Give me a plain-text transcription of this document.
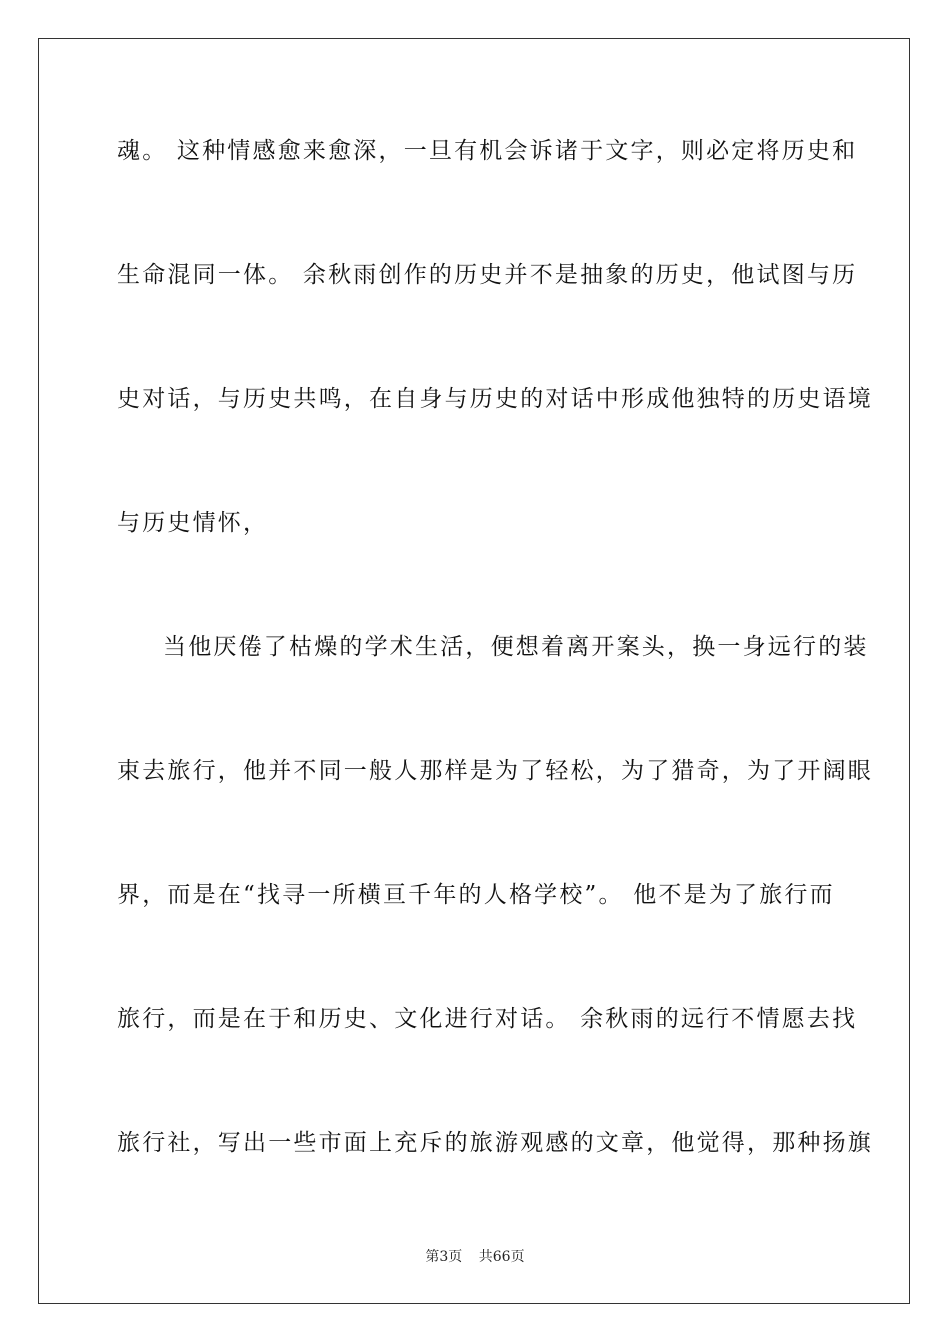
魂。 这种情感愈来愈深，一旦有机会诉诸于文字，则必定将历史和
生命混同一体。 余秋雨创作的历史并不是抽象的历史，他试图与历
史对话，与历史共鸣，在自身与历史的对话中形成他独特的历史语境
与历史情怀，
当他厌倦了枯燥的学术生活，便想着离开案头，换一身远行的装
束去旅行，他并不同一般人那样是为了轻松，为了猎奇，为了开阔眼
界，而是在“找寻一所横亘千年的人格学校”。 他不是为了旅行而
旅行，而是在于和历史、文化进行对话。 余秋雨的远行不情愿去找
旅行社，写出一些市面上充斥的旅游观感的文章，他觉得，那种扬旗
第3页 共66页
